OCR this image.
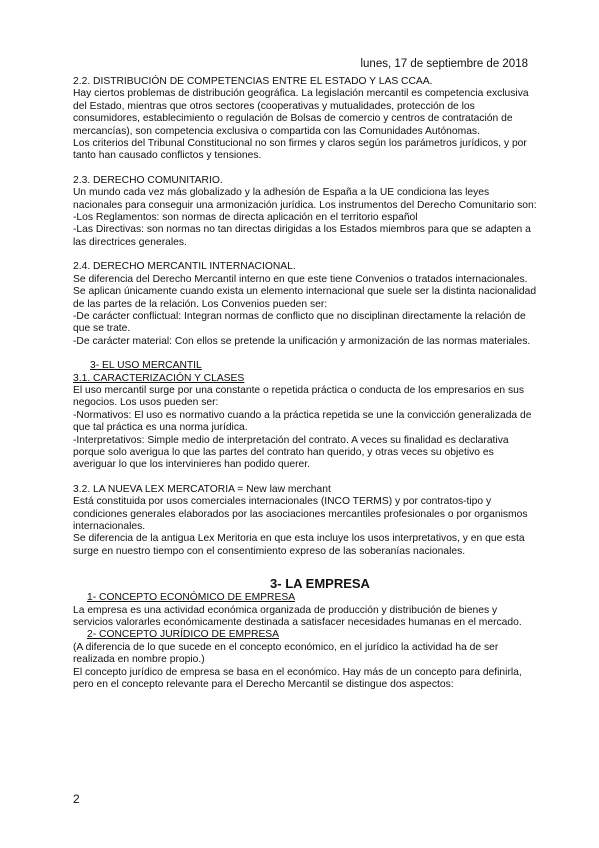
lunes, 17 de septiembre de 2018

2.2. DISTRIBUCIÓN DE COMPETENCIAS ENTRE EL ESTADO Y LAS CCAA.

Hay ciertos problemas de distribución geográfica. La legislación mercantil es competencia exclusiva del Estado, mientras que otros sectores (cooperativas y mutualidades, protección de los consumidores, establecimiento o regulación de Bolsas de comercio y centros de contratación de mercancías), son competencia exclusiva o compartida con las Comunidades Autónomas.

Los criterios del Tribunal Constitucional no son firmes y claros según los parámetros jurídicos, y por tanto han causado conflictos y tensiones.

2.3. DERECHO COMUNITARIO.

Un mundo cada vez más globalizado y la adhesión de España a la UE condiciona las leyes nacionales para conseguir una armonización jurídica. Los instrumentos del Derecho Comunitario son:

-Los Reglamentos: son normas de directa aplicación en el territorio español

-Las Directivas: son normas no tan directas dirigidas a los Estados miembros para que se adapten a las directrices generales.

2.4. DERECHO MERCANTIL INTERNACIONAL.

Se diferencia del Derecho Mercantil interno en que este tiene Convenios o tratados internacionales. Se aplican únicamente cuando exista un elemento internacional que suele ser la distinta nacionalidad de las partes de la relación. Los Convenios pueden ser:

-De carácter conflictual: Integran normas de conflicto que no disciplinan directamente la relación de que se trate.

-De carácter material: Con ellos se pretende la unificación y armonización de las normas materiales.

3- EL USO MERCANTIL

3.1. CARACTERIZACIÓN Y CLASES

El uso mercantil surge por una constante o repetida práctica o conducta de los empresarios en sus negocios. Los usos pueden ser:

-Normativos: El uso es normativo cuando a la práctica repetida se une la convicción generalizada de que tal práctica es una norma jurídica.

-Interpretativos: Simple medio de interpretación del contrato. A veces su finalidad es declarativa porque solo averigua lo que las partes del contrato han querido, y otras veces su objetivo es averiguar lo que los intervinieres han podido querer.

3.2. LA NUEVA LEX MERCATORIA = New law merchant

Está constituida por usos comerciales internacionales (INCO TERMS) y por contratos-tipo y condiciones generales elaborados por las asociaciones mercantiles profesionales o por organismos internacionales.

Se diferencia de la antigua Lex Meritoria en que esta incluye los usos interpretativos, y en que esta surge en nuestro tiempo con el consentimiento expreso de las soberanías nacionales.

3- LA EMPRESA

1- CONCEPTO ECONÓMICO DE EMPRESA

La empresa es una actividad económica organizada de producción y distribución de bienes y servicios valorarles económicamente destinada a satisfacer necesidades humanas en el mercado.

2- CONCEPTO JURÍDICO DE EMPRESA

(A diferencia de lo que sucede en el concepto económico, en el jurídico la actividad ha de ser realizada en nombre propio.)

El concepto jurídico de empresa se basa en el económico. Hay más de un concepto para definirla, pero en el concepto relevante para el Derecho Mercantil se distingue dos aspectos:

2
